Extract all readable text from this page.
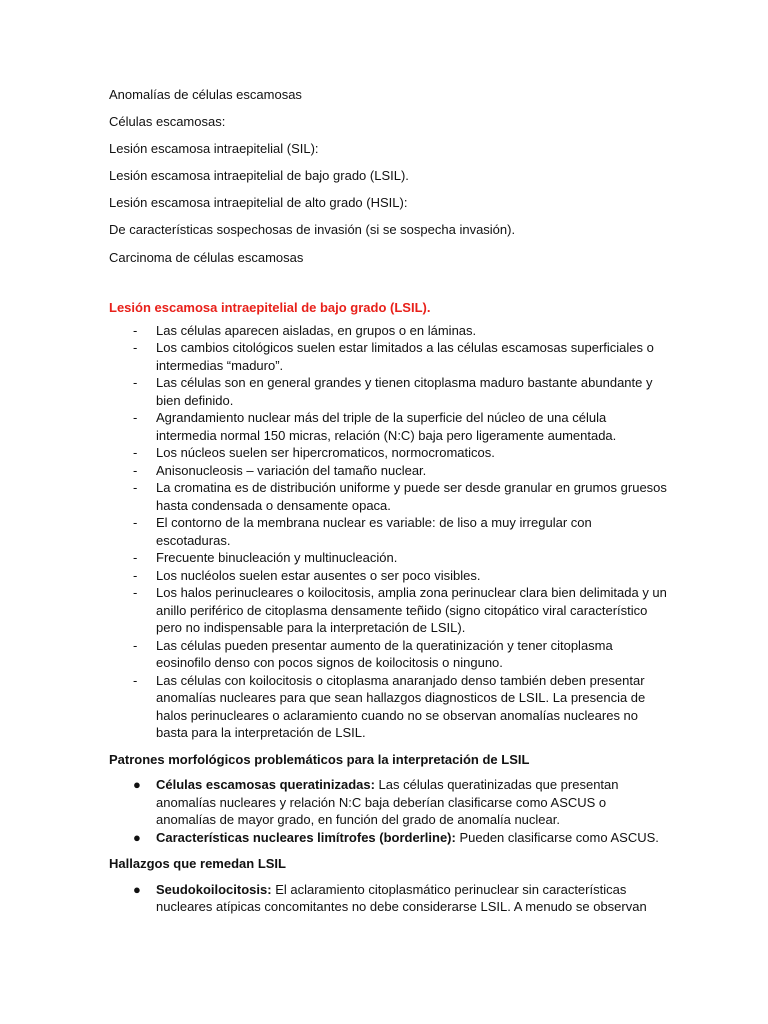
Anomalías de células escamosas

Células escamosas:

Lesión escamosa intraepitelial (SIL):

Lesión escamosa intraepitelial de bajo grado (LSIL).

Lesión escamosa intraepitelial de alto grado (HSIL):

De características sospechosas de invasión (si se sospecha invasión).

Carcinoma de células escamosas

Lesión escamosa intraepitelial de bajo grado (LSIL).
- Las células aparecen aisladas, en grupos o en láminas.
- Los cambios citológicos suelen estar limitados a las células escamosas superficiales o intermedias “maduro”.
- Las células son en general grandes y tienen citoplasma maduro bastante abundante y bien definido.
- Agrandamiento nuclear más del triple de la superficie del núcleo de una célula intermedia normal 150 micras, relación (N:C) baja pero ligeramente aumentada.
- Los núcleos suelen ser hipercromaticos, normocromaticos.
- Anisonucleosis – variación del tamaño nuclear.
- La cromatina es de distribución uniforme y puede ser desde granular en grumos gruesos hasta condensada o densamente opaca.
- El contorno de la membrana nuclear es variable: de liso a muy irregular con escotaduras.
- Frecuente binucleación y multinucleación.
- Los nucléolos suelen estar ausentes o ser poco visibles.
- Los halos perinucleares o koilocitosis, amplia zona perinuclear clara bien delimitada y un anillo periférico de citoplasma densamente teñido (signo citopático viral característico pero no indispensable para la interpretación de LSIL).
- Las células pueden presentar aumento de la queratinización y tener citoplasma eosinofilo denso con pocos signos de koilocitosis o ninguno.
- Las células con koilocitosis o citoplasma anaranjado denso también deben presentar anomalías nucleares para que sean hallazgos diagnosticos de LSIL. La presencia de halos perinucleares o aclaramiento cuando no se observan anomalías nucleares no basta para la interpretación de LSIL.
Patrones morfológicos problemáticos para la interpretación de LSIL
● Células escamosas queratinizadas: Las células queratinizadas que presentan anomalías nucleares y relación N:C baja deberían clasificarse como ASCUS o anomalías de mayor grado, en función del grado de anomalía nuclear.
● Características nucleares limítrofes (borderline): Pueden clasificarse como ASCUS.
Hallazgos que remedan LSIL
● Seudokoilocitosis: El aclaramiento citoplasmático perinuclear sin características nucleares atípicas concomitantes no debe considerarse LSIL. A menudo se observan
